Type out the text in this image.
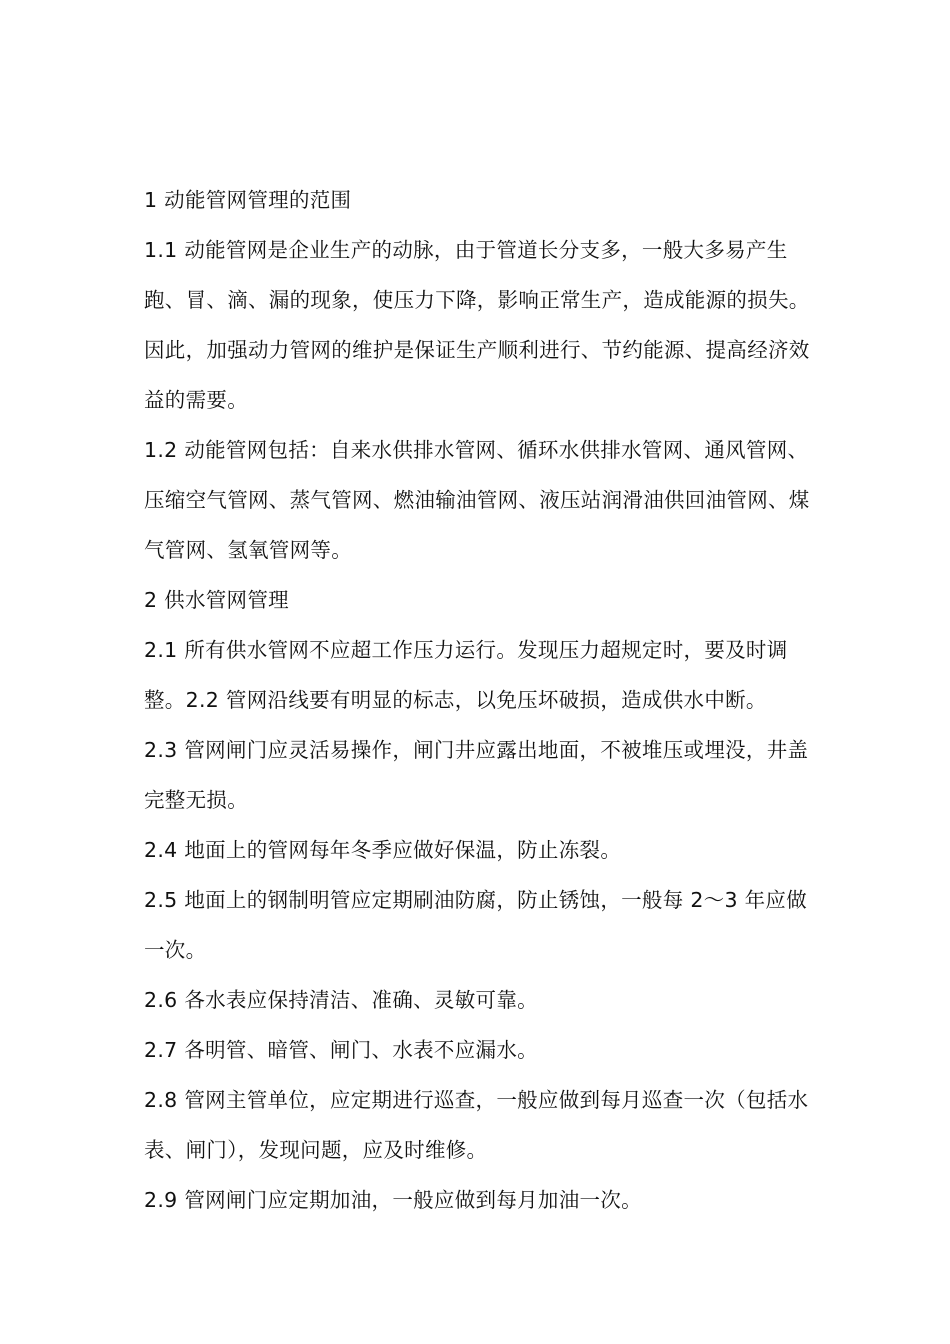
1 动能管网管理的范围

1.1 动能管网是企业生产的动脉，由于管道长分支多，一般大多易产生跑、冒、滴、漏的现象，使压力下降，影响正常生产，造成能源的损失。因此，加强动力管网的维护是保证生产顺利进行、节约能源、提高经济效益的需要。

1.2 动能管网包括：自来水供排水管网、循环水供排水管网、通风管网、压缩空气管网、蒸气管网、燃油输油管网、液压站润滑油供回油管网、煤气管网、氢氧管网等。

2 供水管网管理

2.1 所有供水管网不应超工作压力运行。发现压力超规定时，要及时调整。2.2 管网沿线要有明显的标志，以免压坏破损，造成供水中断。

2.3 管网闸门应灵活易操作，闸门井应露出地面，不被堆压或埋没，井盖完整无损。

2.4 地面上的管网每年冬季应做好保温，防止冻裂。

2.5 地面上的钢制明管应定期刷油防腐，防止锈蚀，一般每 2～3 年应做一次。

2.6 各水表应保持清洁、准确、灵敏可靠。

2.7 各明管、暗管、闸门、水表不应漏水。

2.8 管网主管单位，应定期进行巡查，一般应做到每月巡查一次（包括水表、闸门），发现问题，应及时维修。

2.9 管网闸门应定期加油，一般应做到每月加油一次。
